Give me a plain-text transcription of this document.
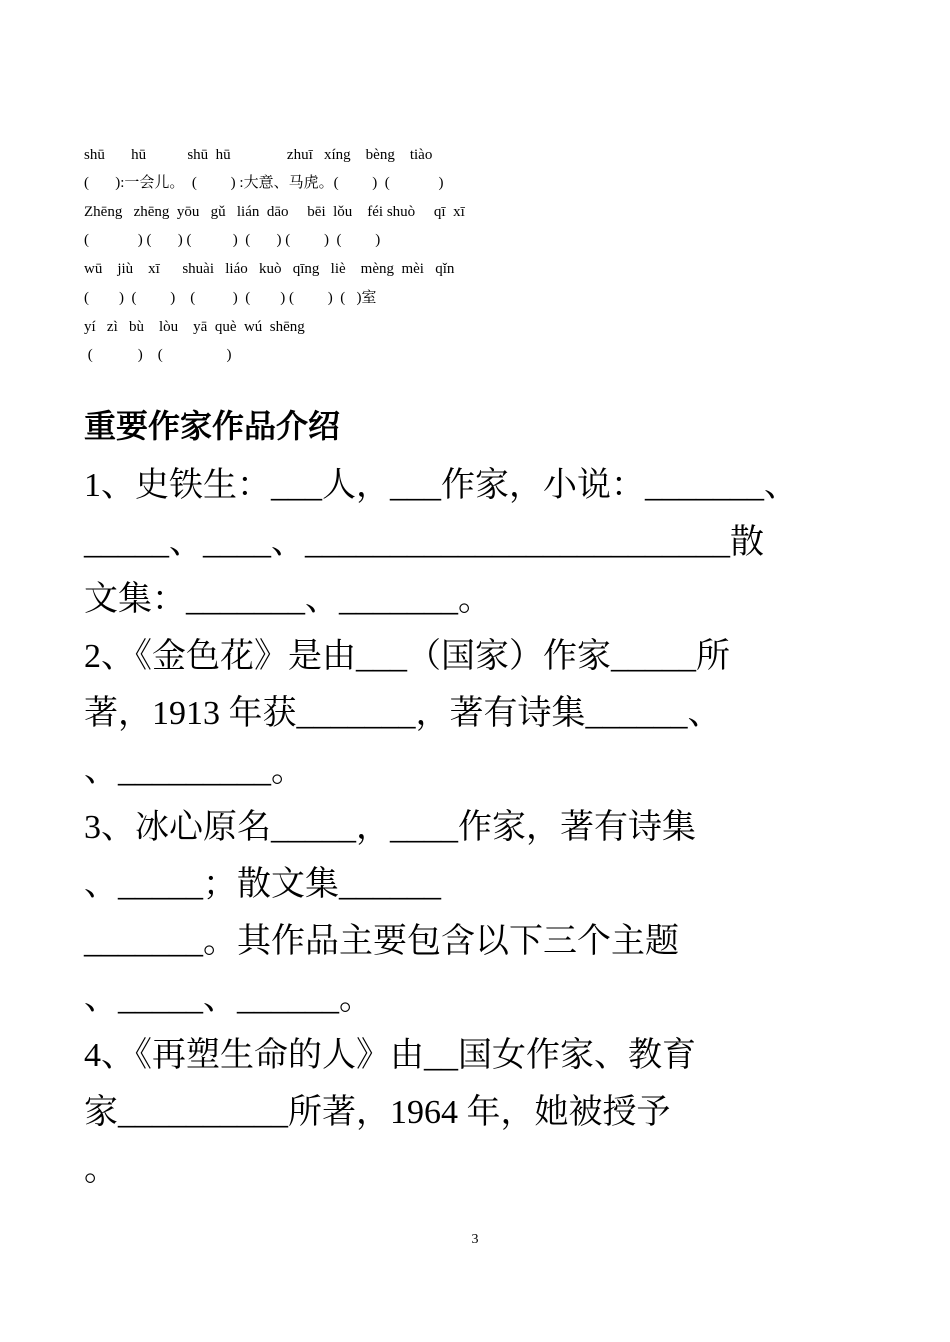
shū       hū           shū  hū               zhuī   xíng    bèng    tiào
(       ):一会儿。  (         ) :大意、马虎。(         )  (             )
Zhēng   zhēng  yōu   gǔ   lián  dāo     bēi  lǒu    féi shuò     qī  xī
(             ) (       ) (           )  (       ) (         )  (         )
wū    jiù    xī      shuài   liáo   kuò   qīng   liè    mèng  mèi   qǐn
(        )  (         )    (          )  (        ) (         )  (   )室
yí   zì   bù    lòu    yā  què  wú  shēng
(            )    (                 )
重要作家作品介绍
1、史铁生：___人，___作家，小说：_______、
_____、____、_________________________散
文集：_______、_______。
2、《金色花》是由___（国家）作家_____所
著，1913 年获_______，著有诗集______、
、_________。
3、冰心原名_____，____作家，著有诗集
、_____；散文集______
_______。其作品主要包含以下三个主题
、_____、______。
4、《再塑生命的人》由__国女作家、教育
家__________所著，1964 年，她被授予
。
3
